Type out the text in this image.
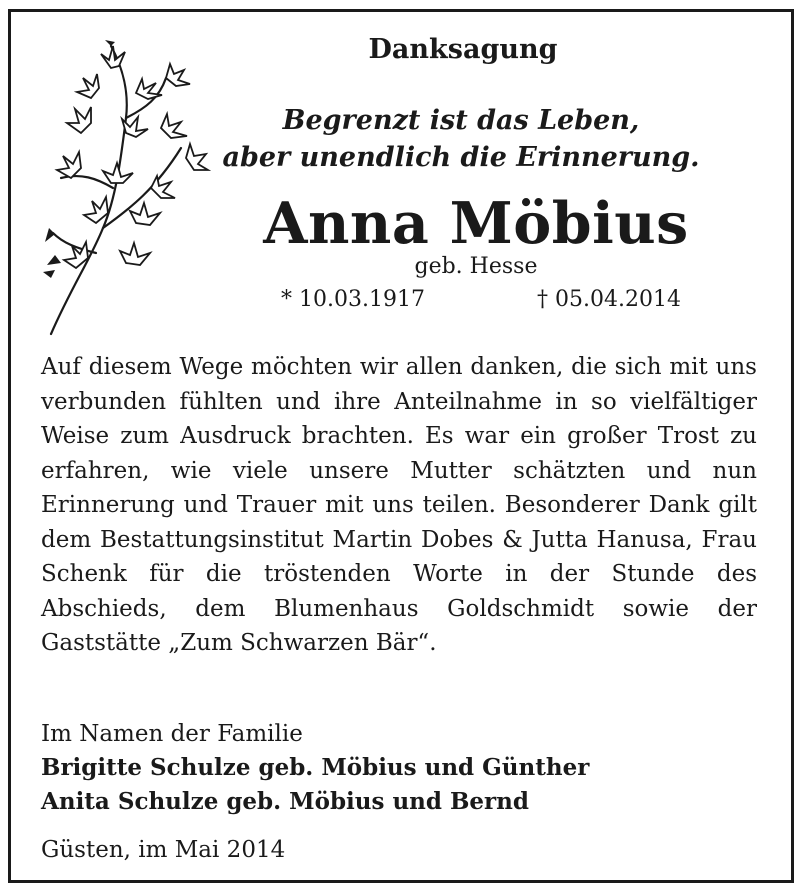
Danksagung
Begrenzt ist das Leben,
aber unendlich die Erinnerung.
Anna Möbius
geb. Hesse
* 10.03.1917	† 05.04.2014
Auf diesem Wege möchten wir allen danken, die sich mit uns verbunden fühlten und ihre Anteilnahme in so vielfältiger Weise zum Ausdruck brachten. Es war ein großer Trost zu erfahren, wie viele unsere Mutter schätzten und nun Erinnerung und Trauer mit uns teilen. Besonderer Dank gilt dem Bestattungsinstitut Martin Dobes & Jutta Hanusa, Frau Schenk für die tröstenden Worte in der Stunde des Abschieds, dem Blumenhaus Goldschmidt sowie der Gaststätte „Zum Schwarzen Bär“.
Im Namen der Familie
Brigitte Schulze geb. Möbius und Günther
Anita Schulze geb. Möbius und Bernd
Güsten, im Mai 2014
